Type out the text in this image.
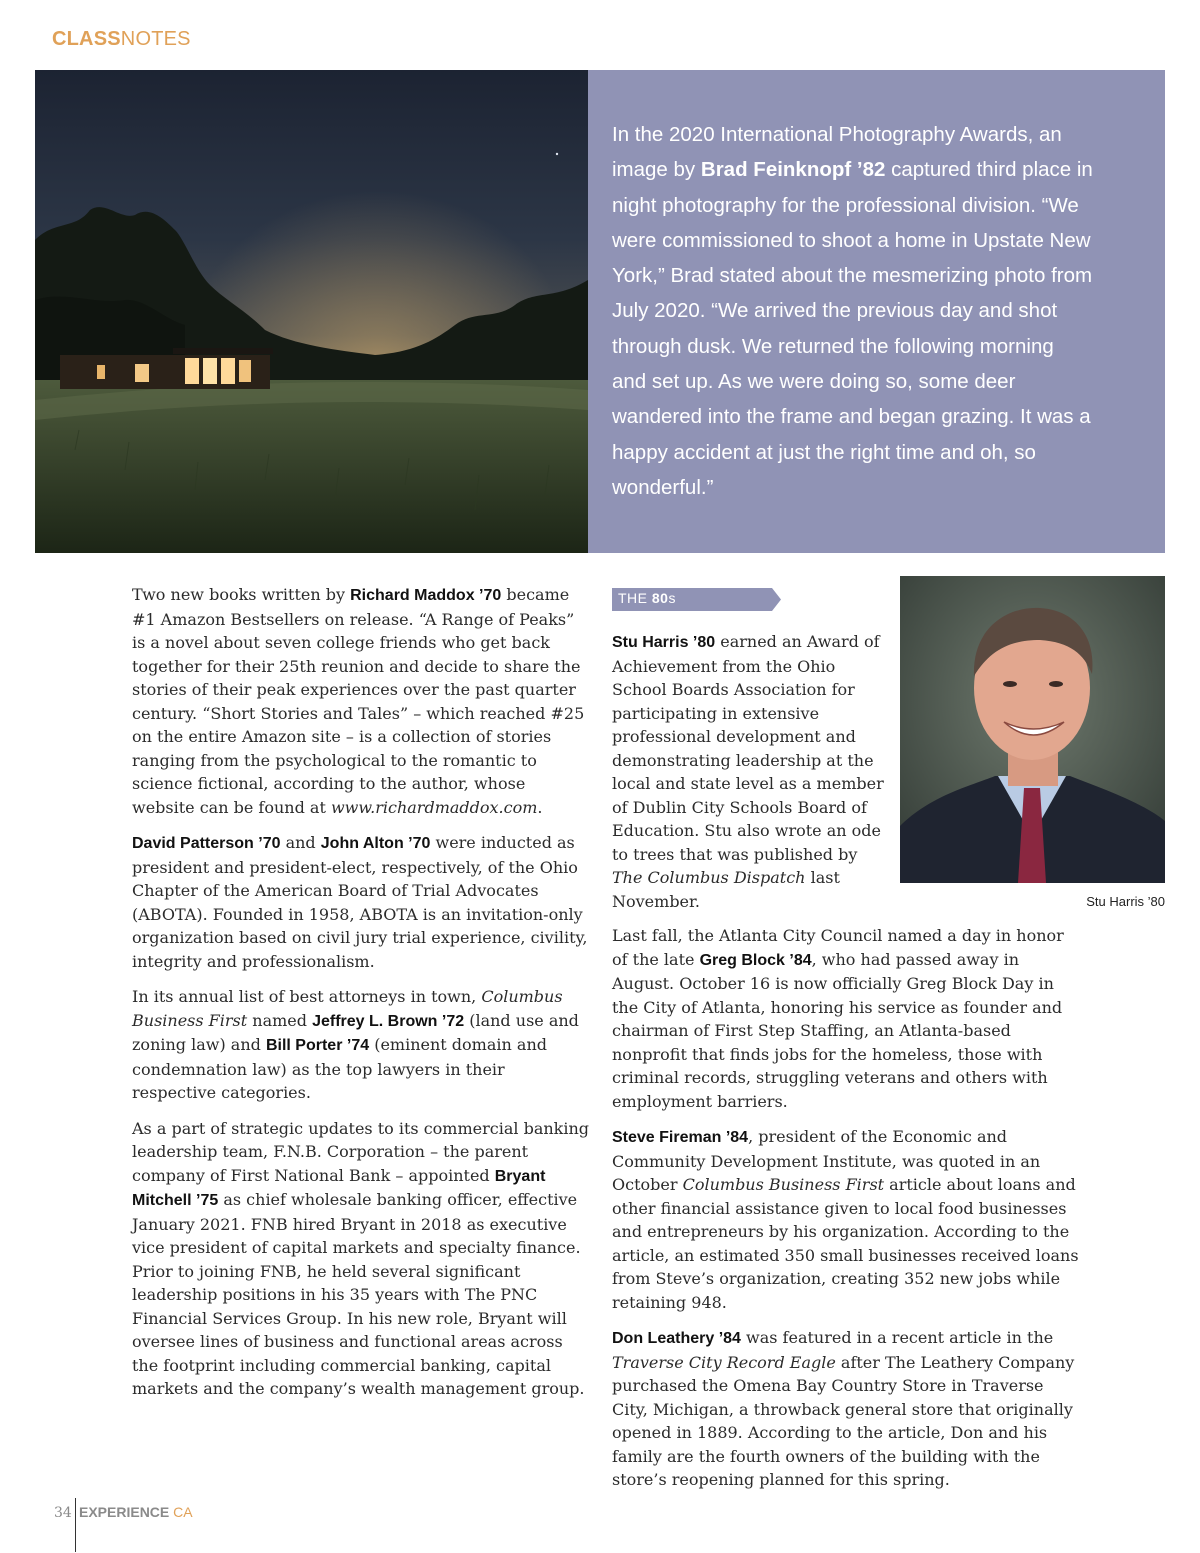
CLASSNOTES

In the 2020 International Photography Awards, an image by Brad Feinknopf ’82 captured third place in night photography for the professional division. “We were commissioned to shoot a home in Upstate New York,” Brad stated about the mesmerizing photo from July 2020. “We arrived the previous day and shot through dusk. We returned the following morning and set up. As we were doing so, some deer wandered into the frame and began grazing. It was a happy accident at just the right time and oh, so wonderful.”

Two new books written by Richard Maddox ’70 became #1 Amazon Bestsellers on release. “A Range of Peaks” is a novel about seven college friends who get back together for their 25th reunion and decide to share the stories of their peak experiences over the past quarter century. “Short Stories and Tales” – which reached #25 on the entire Amazon site – is a collection of stories ranging from the psychological to the romantic to science fictional, according to the author, whose website can be found at www.richardmaddox.com.

David Patterson ’70 and John Alton ’70 were inducted as president and president-elect, respectively, of the Ohio Chapter of the American Board of Trial Advocates (ABOTA). Founded in 1958, ABOTA is an invitation-only organization based on civil jury trial experience, civility, integrity and professionalism.

In its annual list of best attorneys in town, Columbus Business First named Jeffrey L. Brown ’72 (land use and zoning law) and Bill Porter ’74 (eminent domain and condemnation law) as the top lawyers in their respective categories.

As a part of strategic updates to its commercial banking leadership team, F.N.B. Corporation – the parent company of First National Bank – appointed Bryant Mitchell ’75 as chief wholesale banking officer, effective January 2021. FNB hired Bryant in 2018 as executive vice president of capital markets and specialty finance. Prior to joining FNB, he held several significant leadership positions in his 35 years with The PNC Financial Services Group. In his new role, Bryant will oversee lines of business and functional areas across the footprint including commercial banking, capital markets and the company’s wealth management group.

THE 80s

Stu Harris ’80 earned an Award of Achievement from the Ohio School Boards Association for participating in extensive professional development and demonstrating leadership at the local and state level as a member of Dublin City Schools Board of Education. Stu also wrote an ode to trees that was published by The Columbus Dispatch last November.	Stu Harris ’80

Last fall, the Atlanta City Council named a day in honor of the late Greg Block ’84, who had passed away in August. October 16 is now officially Greg Block Day in the City of Atlanta, honoring his service as founder and chairman of First Step Staffing, an Atlanta-based nonprofit that finds jobs for the homeless, those with criminal records, struggling veterans and others with employment barriers.

Steve Fireman ’84, president of the Economic and Community Development Institute, was quoted in an October Columbus Business First article about loans and other financial assistance given to local food businesses and entrepreneurs by his organization. According to the article, an estimated 350 small businesses received loans from Steve’s organization, creating 352 new jobs while retaining 948.

Don Leathery ’84 was featured in a recent article in the Traverse City Record Eagle after The Leathery Company purchased the Omena Bay Country Store in Traverse City, Michigan, a throwback general store that originally opened in 1889. According to the article, Don and his family are the fourth owners of the building with the store’s reopening planned for this spring.

34 EXPERIENCE CA
